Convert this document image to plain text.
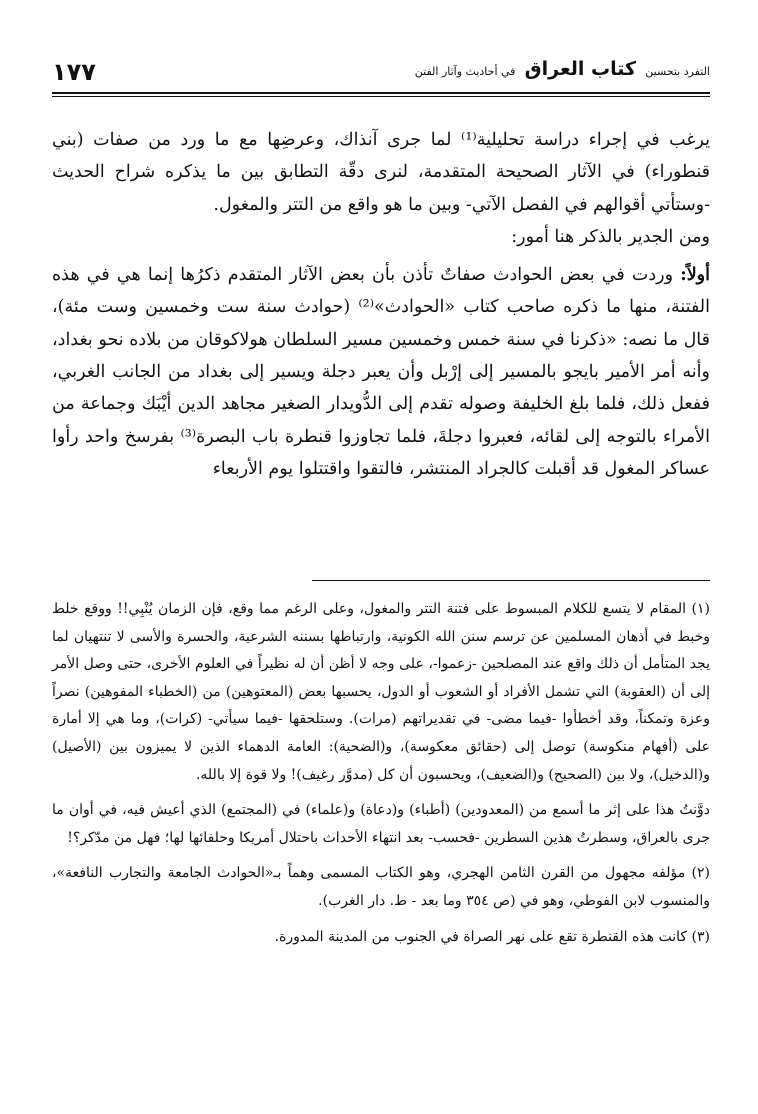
التفرد بتحسين كتاب العراق في أحاديث وآثار الفتن
١٧٧

يرغب في إجراء دراسة تحليلية⁽¹⁾ لما جرى آنذاك، وعرضِها مع ما ورد من صفات (بني قنطوراء) في الآثار الصحيحة المتقدمة، لنرى دقّة التطابق بين ما يذكره شراح الحديث -وستأتي أقوالهم في الفصل الآتي- وبين ما هو واقع من التتر والمغول.

ومن الجدير بالذكر هنا أمور:

أولاً: وردت في بعض الحوادث صفاتٌ تأذن بأن بعض الآثار المتقدم ذكرُها إنما هي في هذه الفتنة، منها ما ذكره صاحب كتاب «الحوادث»⁽²⁾ (حوادث سنة ست وخمسين وست مئة)، قال ما نصه: «ذكرنا في سنة خمس وخمسين مسير السلطان هولاكوقان من بلاده نحو بغداد، وأنه أمر الأمير بايجو بالمسير إلى إرْبل وأن يعبر دجلة ويسير إلى بغداد من الجانب الغربي، ففعل ذلك، فلما بلغ الخليفة وصوله تقدم إلى الدُّويدار الصغير مجاهد الدين أيْبَك وجماعة من الأمراء بالتوجه إلى لقائه، فعبروا دجلةَ، فلما تجاوزوا قنطرة باب البصرة⁽³⁾ بفرسخ واحد رأوا عساكر المغول قد أقبلت كالجراد المنتشر، فالتقوا واقتتلوا يوم الأربعاء

(١) المقام لا يتسع للكلام المبسوط على فتنة التتر والمغول، وعلى الرغم مما وقع، فإن الزمان يُنْبِي!! ووقع خلط وخبط في أذهان المسلمين عن ترسم سنن الله الكونية، وارتباطها بسننه الشرعية، والحسرة والأسى لا تنتهيان لما يجد المتأمل أن ذلك واقع عند المصلحين -زعموا-، على وجه لا أظن أن له نظيراً في العلوم الأخرى، حتى وصل الأمر إلى أن (العقوبة) التي تشمل الأفراد أو الشعوب أو الدول، يحسبها بعض (المعتوهين) من (الخطباء المفوهين) نصراً وعزة وتمكناً، وقد أخطأوا -فيما مضى- في تقديراتهم (مرات). وستلحقها -فيما سيأتي- (كرات)، وما هي إلا أمارة على (أفهام منكوسة) توصل إلى (حقائق معكوسة)، و(الضحية): العامة الدهماء الذين لا يميزون بين (الأصيل) و(الدخيل)، ولا بين (الصحيح) و(الضعيف)، ويحسبون أن كل (مدوَّر رغيف)! ولا قوة إلا بالله.

دوَّنتُ هذا على إثر ما أسمع من (المعدودين) (أطباء) و(دعاة) و(علماء) في (المجتمع) الذي أعيش فيه، في أوان ما جرى بالعراق، وسطرتُ هذين السطرين -فحسب- بعد انتهاء الأحداث باحتلال أمريكا وحلفائها لها؛ فهل من مدّكر؟!

(٢) مؤلفه مجهول من القرن الثامن الهجري، وهو الكتاب المسمى وهماً بـ«الحوادث الجامعة والتجارب النافعة»، والمنسوب لابن الفوطي، وهو في (ص ٣٥٤ وما بعد - ط. دار الغرب).

(٣) كانت هذه القنطرة تقع على نهر الصراة في الجنوب من المدينة المدورة.
